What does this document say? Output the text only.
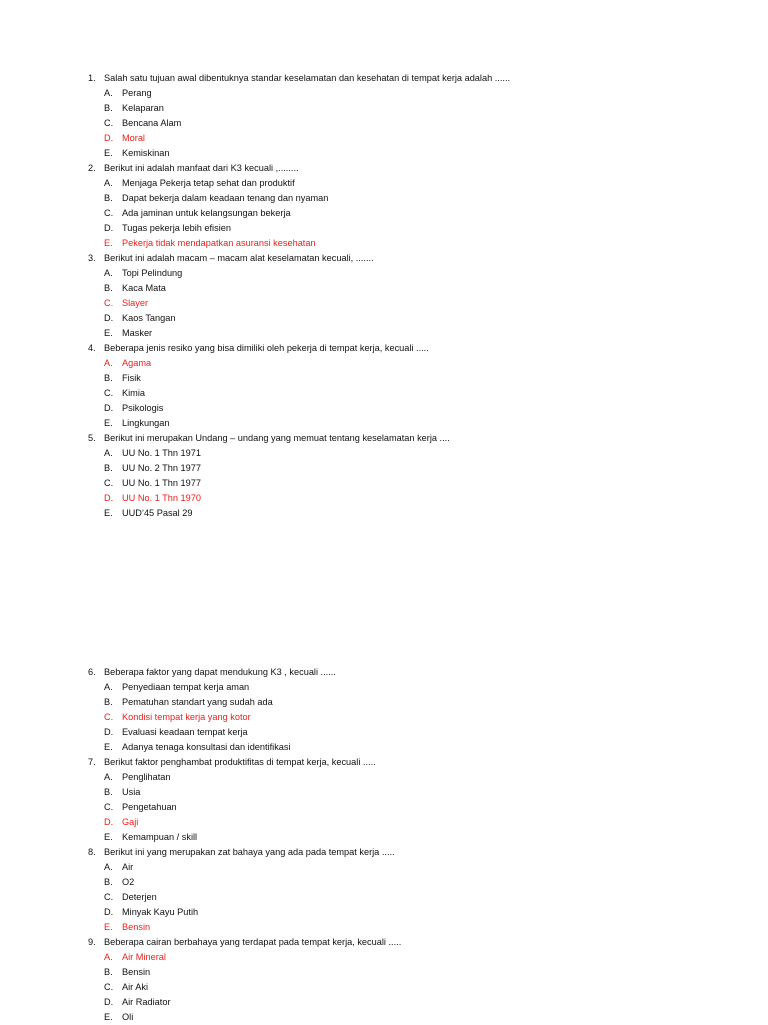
1. Salah satu tujuan awal dibentuknya standar keselamatan dan kesehatan di tempat kerja adalah ......
A. Perang
B. Kelaparan
C. Bencana Alam
D. Moral
E. Kemiskinan
2. Berikut ini adalah manfaat dari K3 kecuali ,........
A. Menjaga Pekerja tetap sehat dan produktif
B. Dapat bekerja dalam keadaan tenang dan nyaman
C. Ada jaminan untuk kelangsungan bekerja
D. Tugas pekerja lebih efisien
E. Pekerja tidak mendapatkan asuransi kesehatan
3. Berikut ini adalah macam – macam alat keselamatan kecuali, .......
A. Topi Pelindung
B. Kaca Mata
C. Slayer
D. Kaos Tangan
E. Masker
4. Beberapa jenis resiko yang bisa dimiliki oleh pekerja di tempat kerja, kecuali .....
A. Agama
B. Fisik
C. Kimia
D. Psikologis
E. Lingkungan
5. Berikut ini merupakan Undang – undang yang memuat tentang keselamatan kerja ....
A. UU No. 1 Thn 1971
B. UU No. 2 Thn 1977
C. UU No. 1 Thn 1977
D. UU No. 1 Thn 1970
E. UUD’45 Pasal 29
6. Beberapa faktor yang dapat mendukung K3 , kecuali ......
A. Penyediaan tempat kerja aman
B. Pematuhan standart yang sudah ada
C. Kondisi tempat kerja yang kotor
D. Evaluasi keadaan tempat kerja
E. Adanya tenaga konsultasi dan identifikasi
7. Berikut faktor penghambat produktifitas di tempat kerja, kecuali .....
A. Penglihatan
B. Usia
C. Pengetahuan
D. Gaji
E. Kemampuan / skill
8. Berikut ini yang merupakan zat bahaya yang ada pada tempat kerja .....
A. Air
B. O2
C. Deterjen
D. Minyak Kayu Putih
E. Bensin
9. Beberapa cairan berbahaya yang terdapat pada tempat kerja, kecuali .....
A. Air Mineral
B. Bensin
C. Air Aki
D. Air Radiator
E. Oli
